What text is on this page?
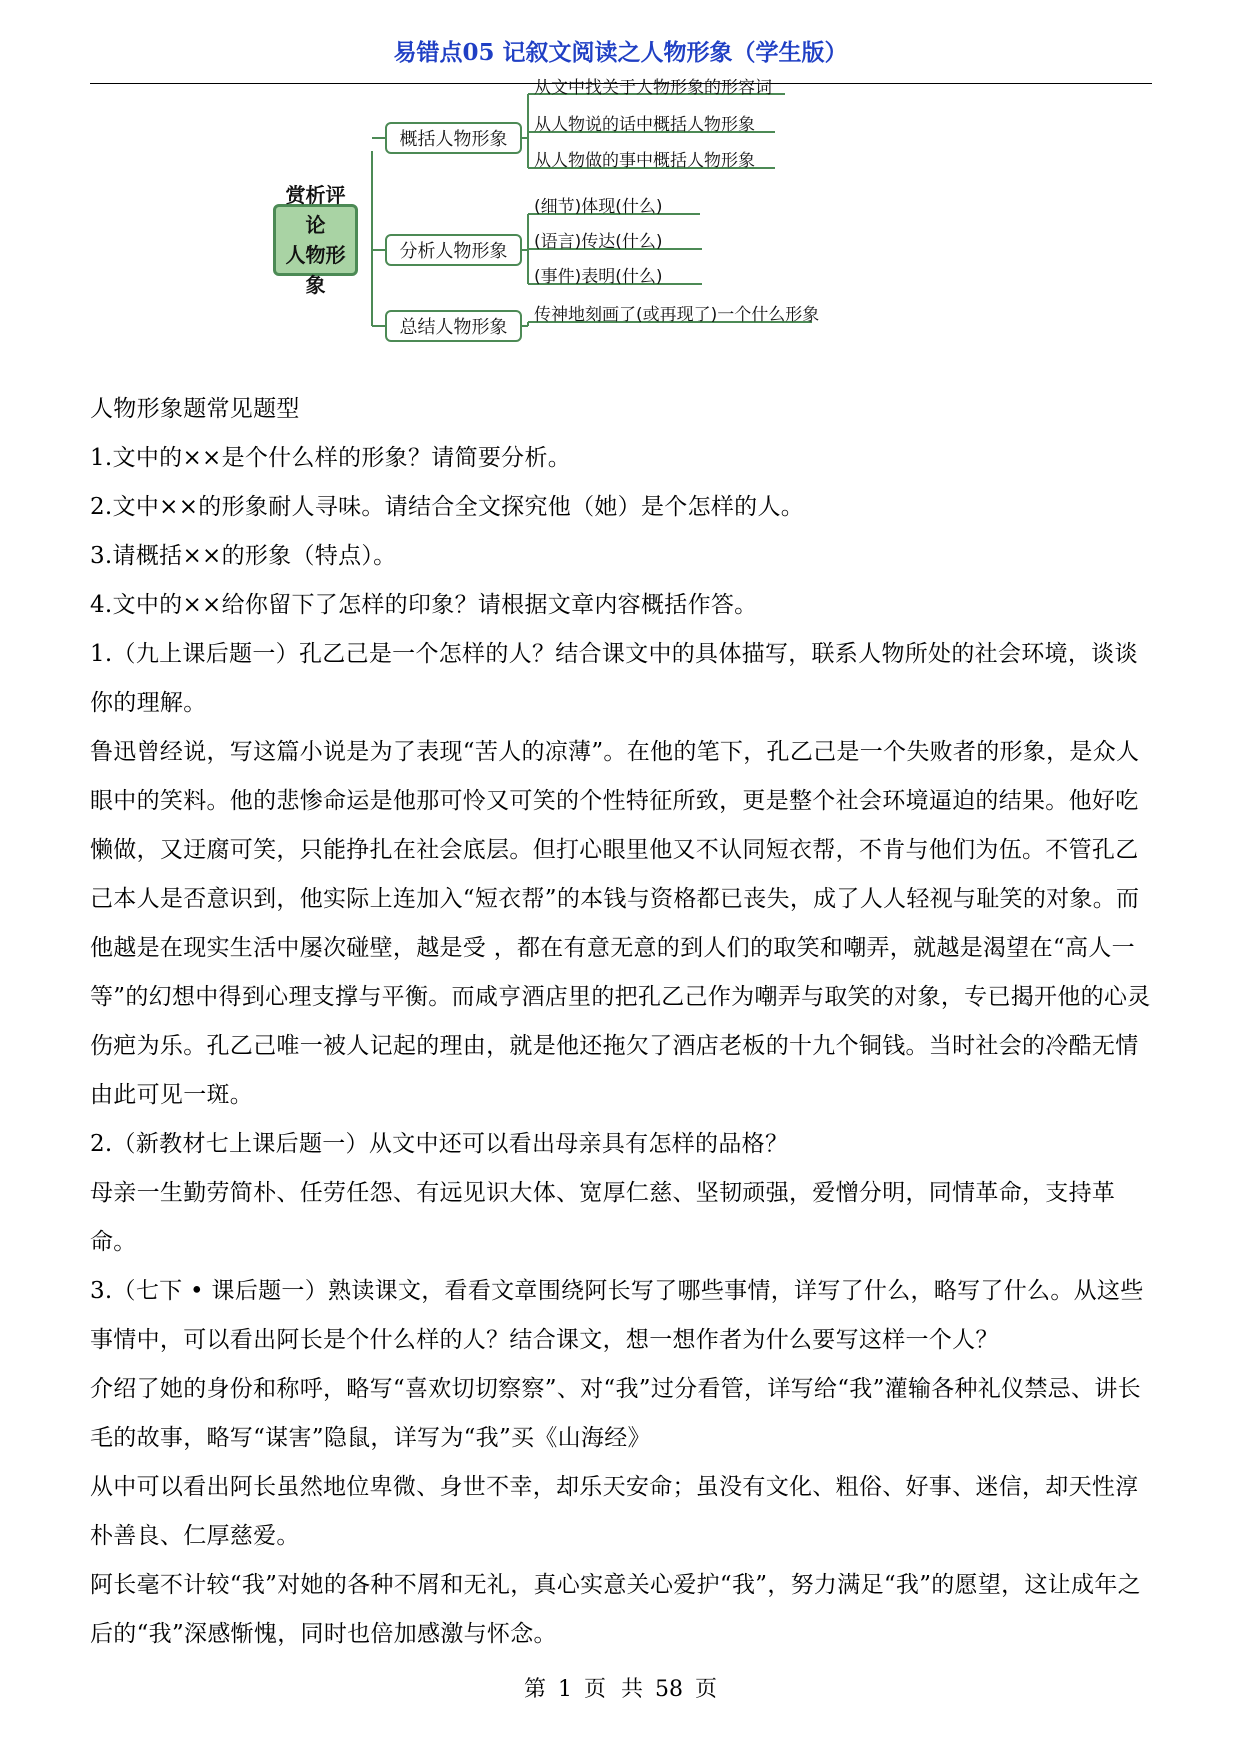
易错点05 记叙文阅读之人物形象（学生版）
赏析评论
人物形象
概括人物形象
分析人物形象
总结人物形象
从文中找关于人物形象的形容词
从人物说的话中概括人物形象
从人物做的事中概括人物形象
(细节)体现(什么)
(语言)传达(什么)
(事件)表明(什么)
传神地刻画了(或再现了)一个什么形象

人物形象题常见题型

1.文中的××是个什么样的形象？请简要分析。

2.文中××的形象耐人寻味。请结合全文探究他（她）是个怎样的人。

3.请概括××的形象（特点）。

4.文中的××给你留下了怎样的印象？请根据文章内容概括作答。

1.（九上课后题一）孔乙己是一个怎样的人？结合课文中的具体描写，联系人物所处的社会环境，谈谈你的理解。

鲁迅曾经说，写这篇小说是为了表现“苦人的凉薄”。在他的笔下，孔乙己是一个失败者的形象，是众人眼中的笑料。他的悲惨命运是他那可怜又可笑的个性特征所致，更是整个社会环境逼迫的结果。他好吃懒做，又迂腐可笑，只能挣扎在社会底层。但打心眼里他又不认同短衣帮，不肯与他们为伍。不管孔乙己本人是否意识到，他实际上连加入“短衣帮”的本钱与资格都已丧失，成了人人轻视与耻笑的对象。而他越是在现实生活中屡次碰壁，越是受 ，都在有意无意的到人们的取笑和嘲弄，就越是渴望在“高人一等”的幻想中得到心理支撑与平衡。而咸亨酒店里的把孔乙己作为嘲弄与取笑的对象，专已揭开他的心灵伤疤为乐。孔乙己唯一被人记起的理由，就是他还拖欠了酒店老板的十九个铜钱。当时社会的冷酷无情由此可见一斑。

2.（新教材七上课后题一）从文中还可以看出母亲具有怎样的品格？

母亲一生勤劳简朴、任劳任怨、有远见识大体、宽厚仁慈、坚韧顽强，爱憎分明，同情革命，支持革命。

3.（七下 • 课后题一）熟读课文，看看文章围绕阿长写了哪些事情，详写了什么，略写了什么。从这些事情中，可以看出阿长是个什么样的人？结合课文，想一想作者为什么要写这样一个人？

介绍了她的身份和称呼，略写“喜欢切切察察”、对“我”过分看管，详写给“我”灌输各种礼仪禁忌、讲长毛的故事，略写“谋害”隐鼠，详写为“我”买《山海经》

从中可以看出阿长虽然地位卑微、身世不幸，却乐天安命；虽没有文化、粗俗、好事、迷信，却天性淳朴善良、仁厚慈爱。

阿长毫不计较“我”对她的各种不屑和无礼，真心实意关心爱护“我”，努力满足“我”的愿望，这让成年之后的“我”深感惭愧，同时也倍加感激与怀念。

第 1 页 共 58 页
